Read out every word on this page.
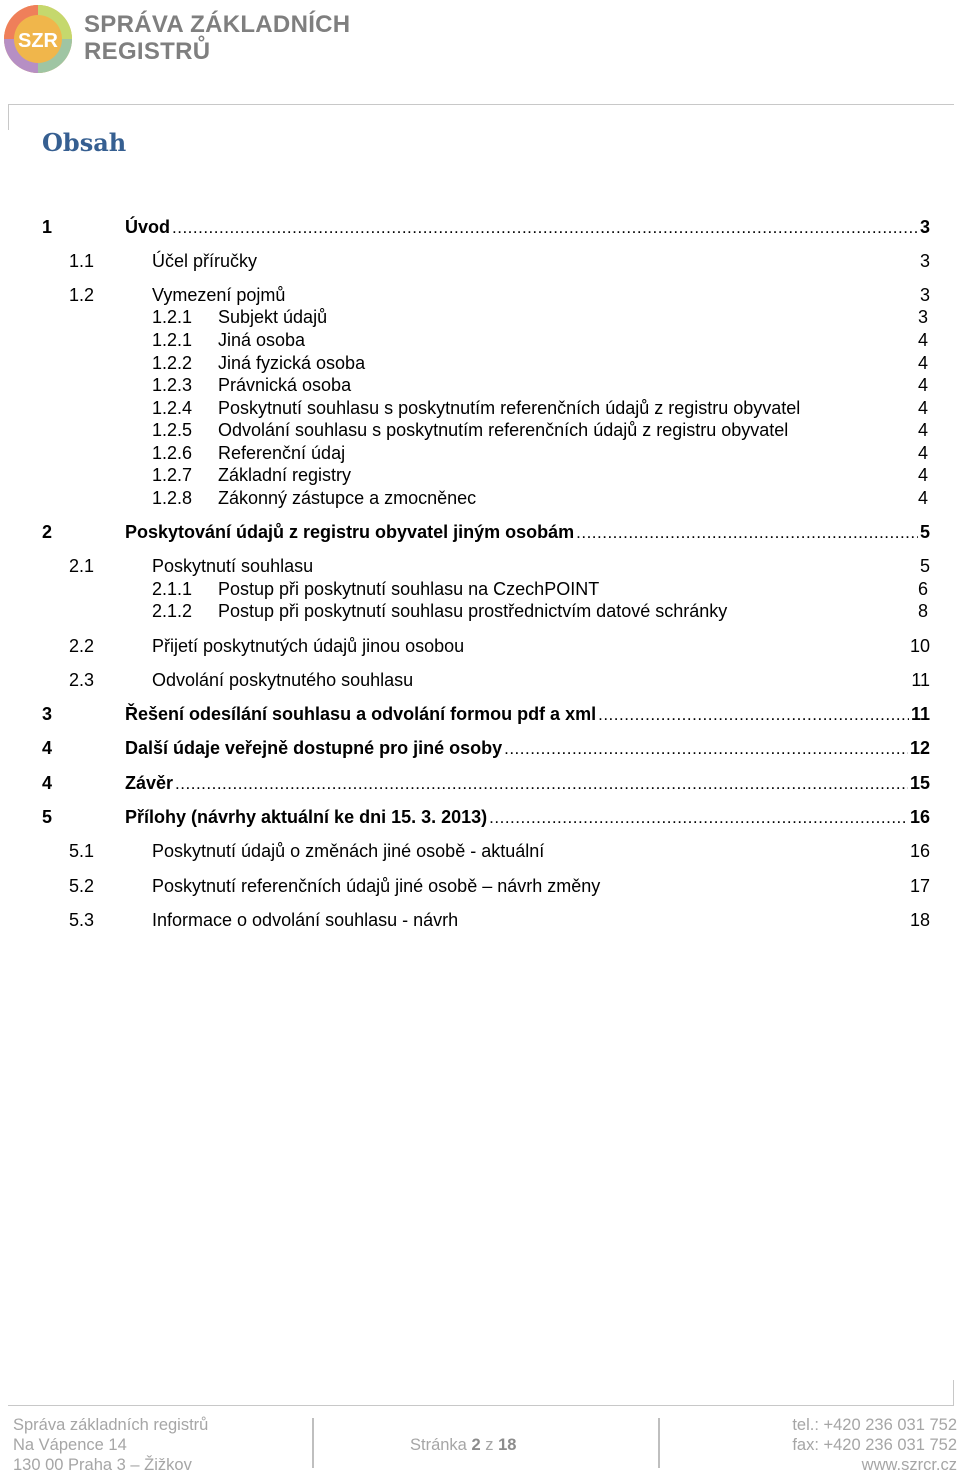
SZR
SPRÁVA ZÁKLADNÍCH
REGISTRŮ
Obsah
1	Úvod .....	3
1.1	Účel příručky	3
1.2	Vymezení pojmů	3
1.2.1 Subjekt údajů	3
1.2.1 Jiná osoba	4
1.2.2 Jiná fyzická osoba	4
1.2.3 Právnická osoba	4
1.2.4 Poskytnutí souhlasu s poskytnutím referenčních údajů z registru obyvatel	4
1.2.5 Odvolání souhlasu s poskytnutím referenčních údajů z registru obyvatel	4
1.2.6 Referenční údaj	4
1.2.7 Základní registry	4
1.2.8 Zákonný zástupce a zmocněnec	4
2	Poskytování údajů z registru obyvatel jiným osobám .....	5
2.1	Poskytnutí souhlasu	5
2.1.1 Postup při poskytnutí souhlasu na CzechPOINT	6
2.1.2 Postup při poskytnutí souhlasu prostřednictvím datové schránky	8
2.2	Přijetí poskytnutých údajů jinou osobou	10
2.3	Odvolání poskytnutého souhlasu	11
3	Řešení odesílání souhlasu a odvolání formou pdf a xml .....	11
4	Další údaje veřejně dostupné pro jiné osoby .....	12
4	Závěr .....	15
5	Přílohy (návrhy aktuální ke dni 15. 3. 2013) .....	16
5.1	Poskytnutí údajů o změnách jiné osobě - aktuální	16
5.2	Poskytnutí referenčních údajů jiné osobě – návrh změny	17
5.3	Informace o odvolání souhlasu - návrh	18
Správa základních registrů
Na Vápence 14
130 00 Praha 3 – Žižkov
Stránka 2 z 18
tel.: +420 236 031 752
fax: +420 236 031 752
www.szrcr.cz
